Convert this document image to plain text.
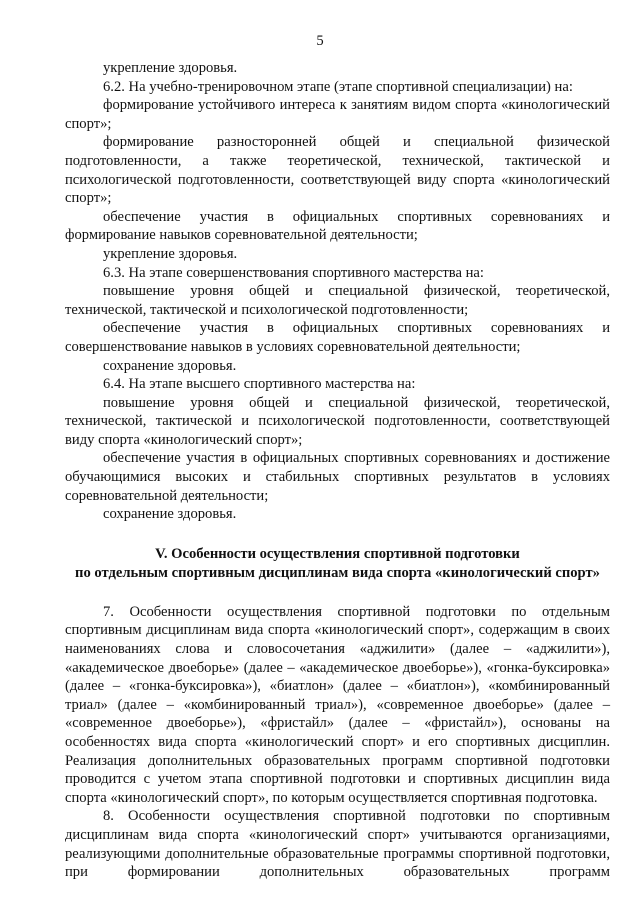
5

укрепление здоровья.

6.2. На учебно-тренировочном этапе (этапе спортивной специализации) на:

формирование устойчивого интереса к занятиям видом спорта «кинологический спорт»;

формирование разносторонней общей и специальной физической подготовленности, а также теоретической, технической, тактической и психологической подготовленности, соответствующей виду спорта «кинологический спорт»;

обеспечение участия в официальных спортивных соревнованиях и формирование навыков соревновательной деятельности;

укрепление здоровья.

6.3. На этапе совершенствования спортивного мастерства на:

повышение уровня общей и специальной физической, теоретической, технической, тактической и психологической подготовленности;

обеспечение участия в официальных спортивных соревнованиях и совершенствование навыков в условиях соревновательной деятельности;

сохранение здоровья.

6.4. На этапе высшего спортивного мастерства на:

повышение уровня общей и специальной физической, теоретической, технической, тактической и психологической подготовленности, соответствующей виду спорта «кинологический спорт»;

обеспечение участия в официальных спортивных соревнованиях и достижение обучающимися высоких и стабильных спортивных результатов в условиях соревновательной деятельности;

сохранение здоровья.

V. Особенности осуществления спортивной подготовки
по отдельным спортивным дисциплинам вида спорта «кинологический спорт»

7. Особенности осуществления спортивной подготовки по отдельным спортивным дисциплинам вида спорта «кинологический спорт», содержащим в своих наименованиях слова и словосочетания «аджилити» (далее – «аджилити»), «академическое двоеборье» (далее – «академическое двоеборье»), «гонка-буксировка» (далее – «гонка-буксировка»), «биатлон» (далее – «биатлон»), «комбинированный триал» (далее – «комбинированный триал»), «современное двоеборье» (далее – «современное двоеборье»), «фристайл» (далее – «фристайл»), основаны на особенностях вида спорта «кинологический спорт» и его спортивных дисциплин. Реализация дополнительных образовательных программ спортивной подготовки проводится с учетом этапа спортивной подготовки и спортивных дисциплин вида спорта «кинологический спорт», по которым осуществляется спортивная подготовка.

8. Особенности осуществления спортивной подготовки по спортивным дисциплинам вида спорта «кинологический спорт» учитываются организациями, реализующими дополнительные образовательные программы спортивной подготовки, при формировании дополнительных образовательных программ
